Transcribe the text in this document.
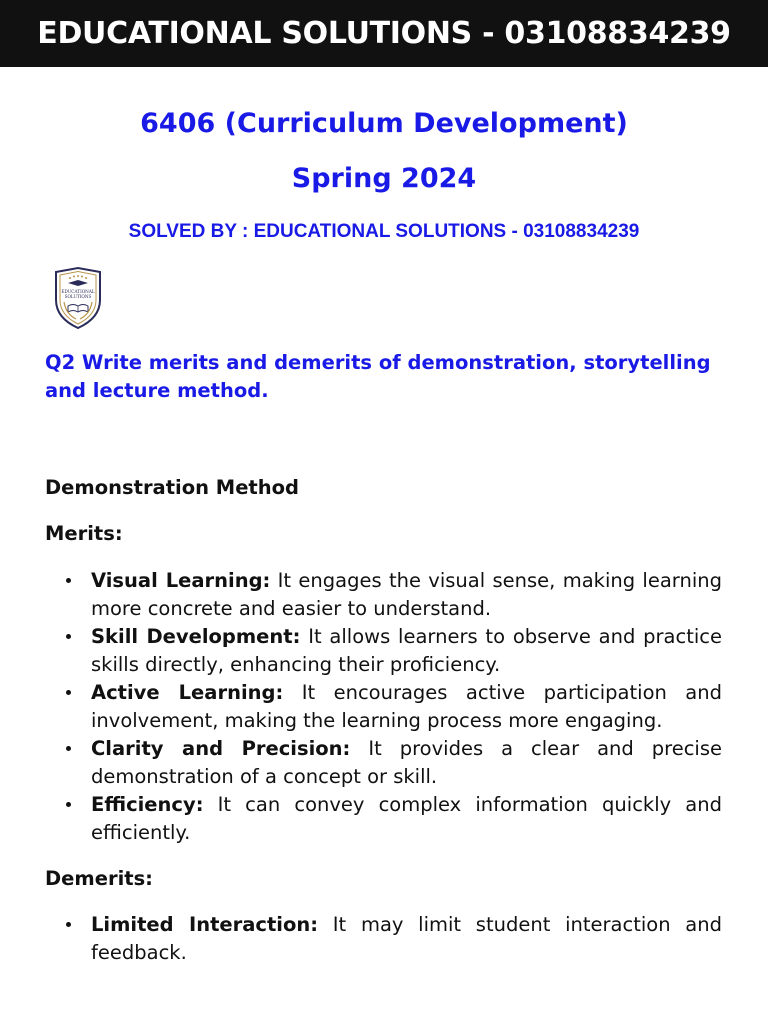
EDUCATIONAL SOLUTIONS - 03108834239
6406 (Curriculum Development)
Spring 2024
SOLVED BY : EDUCATIONAL SOLUTIONS - 03108834239
EDUCATIONAL
SOLUTIONS
Q2 Write merits and demerits of demonstration, storytelling and lecture method.
Demonstration Method
Merits:
Visual Learning: It engages the visual sense, making learning more concrete and easier to understand.
Skill Development: It allows learners to observe and practice skills directly, enhancing their proficiency.
Active Learning: It encourages active participation and involvement, making the learning process more engaging.
Clarity and Precision: It provides a clear and precise demonstration of a concept or skill.
Efficiency: It can convey complex information quickly and efficiently.
Demerits:
Limited Interaction: It may limit student interaction and feedback.
